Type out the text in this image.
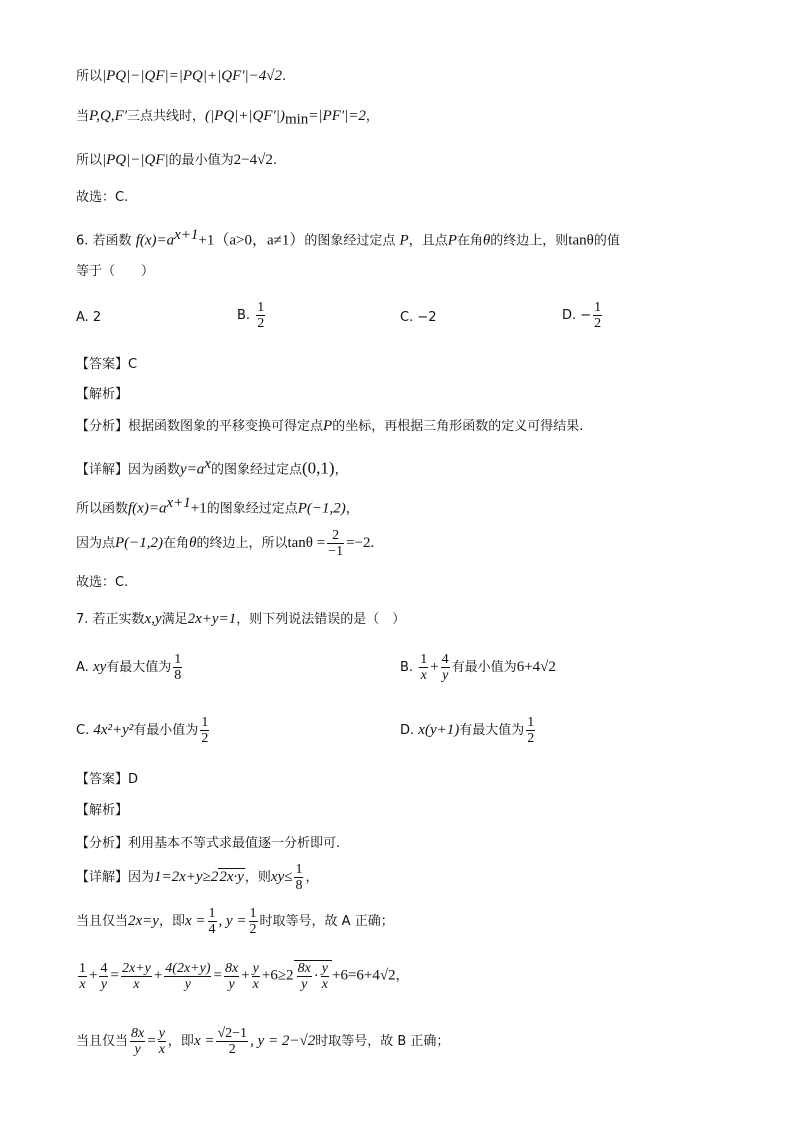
所以|PQ|−|QF|=|PQ|+|QF′|−4√2.
当P,Q,F′三点共线时，$(|PQ|+|QF'|)_{min}=|PF'|=2$，
所以|PQ|−|QF|的最小值为2−4√2.
故选：C.
6. 若函数 $f(x)=a^{x+1}+1(a>0$，a≠1）的图象经过定点 P，且点P在角θ的终边上，则tanθ的值
等于（　　）
A. 2	B. $\frac{1}{2}$	C. −2	D. − $\frac{1}{2}$
【答案】C
【解析】
【分析】根据函数图象的平移变换可得定点P的坐标，再根据三角形函数的定义可得结果.
【详解】因为函数$y=a^x$的图象经过定点(0,1)，
所以函数$f(x)=a^{x+1}+1$的图象经过定点P(−1,2)，
因为点P(−1,2)在角θ的终边上，所以$\tan\theta = \frac{2}{-1} =-2$.
故选：C.
7. 若正实数x,y满足2x+y=1，则下列说法错误的是（　）
A. xy有最大值为 $\frac{1}{8}$	B. $\frac{1}{x} + \frac{4}{y}$ 有最小值为6+4√2
C. 4x²+y²有最小值为 $\frac{1}{2}$	D. x(y+1)有最大值为 $\frac{1}{2}$
【答案】D
【解析】
【分析】利用基本不等式求最值逐一分析即可.
【详解】因为1=2x+y≥22x·y，则$xy\le \frac{1}{8}$ ，
当且仅当2x=y，即$x = \frac{1}{4}$ , $y = \frac{1}{2}$ 时取等号，故 A 正确；
$\frac{1}{x} + \frac{4}{y} = \frac{2x+y}{x} + \frac{4(2x+y)}{y} = \frac{8x}{y} + \frac{y}{x} +6\ge 2 \frac{8x}{y} \cdot \frac{y}{x} +6=6+4√2$，
当且仅当 $\frac{8x}{y} = \frac{y}{x}$ ，即$x = \frac{√2-1}{2}$ , y = 2−√2时取等号，故 B 正确；
